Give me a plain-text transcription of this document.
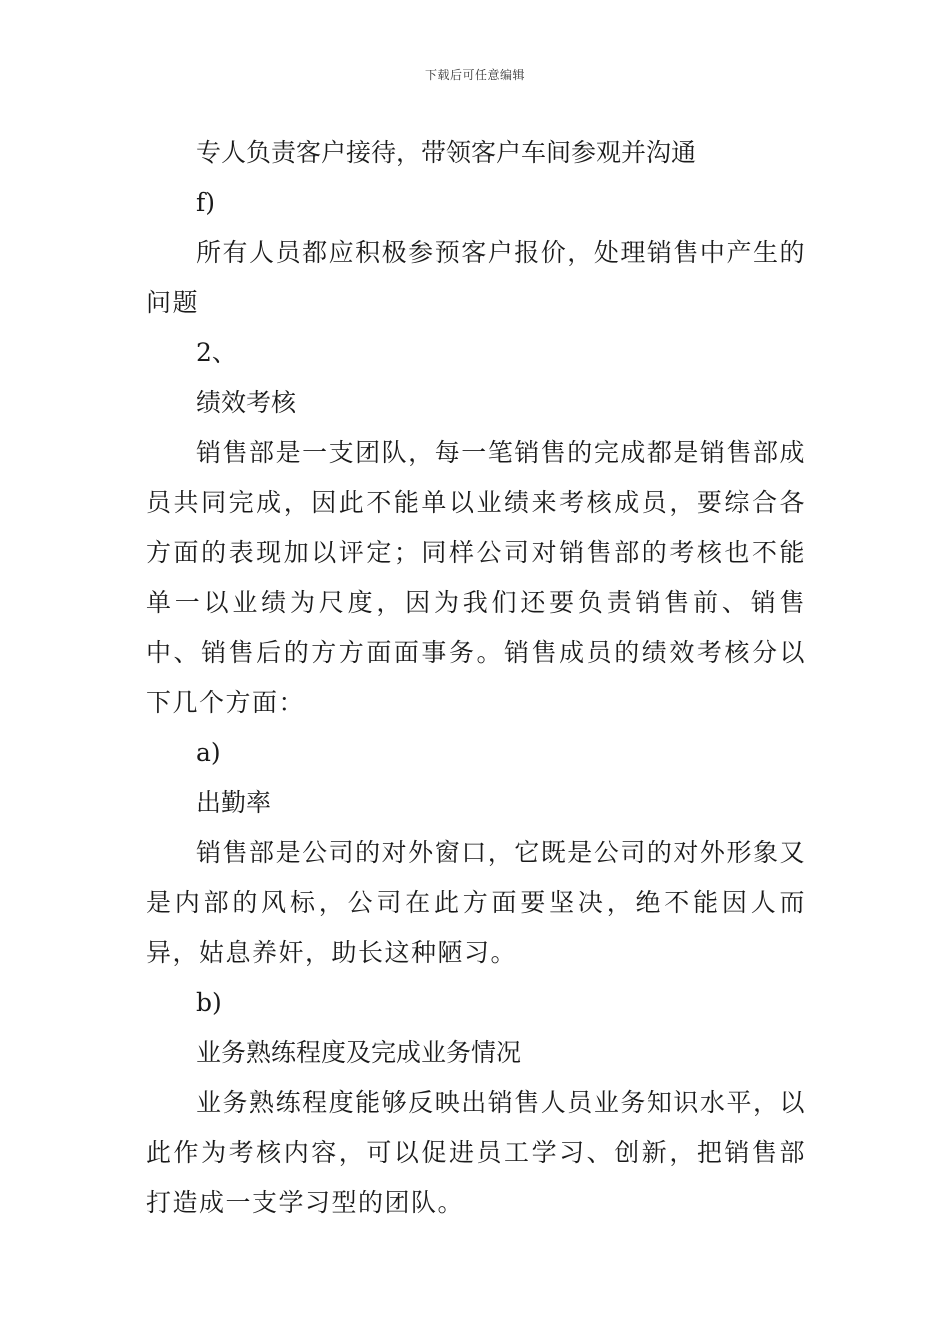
下载后可任意编辑
专人负责客户接待，带领客户车间参观并沟通
f)
所有人员都应积极参预客户报价，处理销售中产生的问题
2、
绩效考核
销售部是一支团队，每一笔销售的完成都是销售部成员共同完成，因此不能单以业绩来考核成员，要综合各方面的表现加以评定；同样公司对销售部的考核也不能单一以业绩为尺度，因为我们还要负责销售前、销售中、销售后的方方面面事务。销售成员的绩效考核分以下几个方面：
a)
出勤率
销售部是公司的对外窗口，它既是公司的对外形象又是内部的风标，公司在此方面要坚决，绝不能因人而异，姑息养奸，助长这种陋习。
b)
业务熟练程度及完成业务情况
业务熟练程度能够反映出销售人员业务知识水平，以此作为考核内容，可以促进员工学习、创新，把销售部打造成一支学习型的团队。
